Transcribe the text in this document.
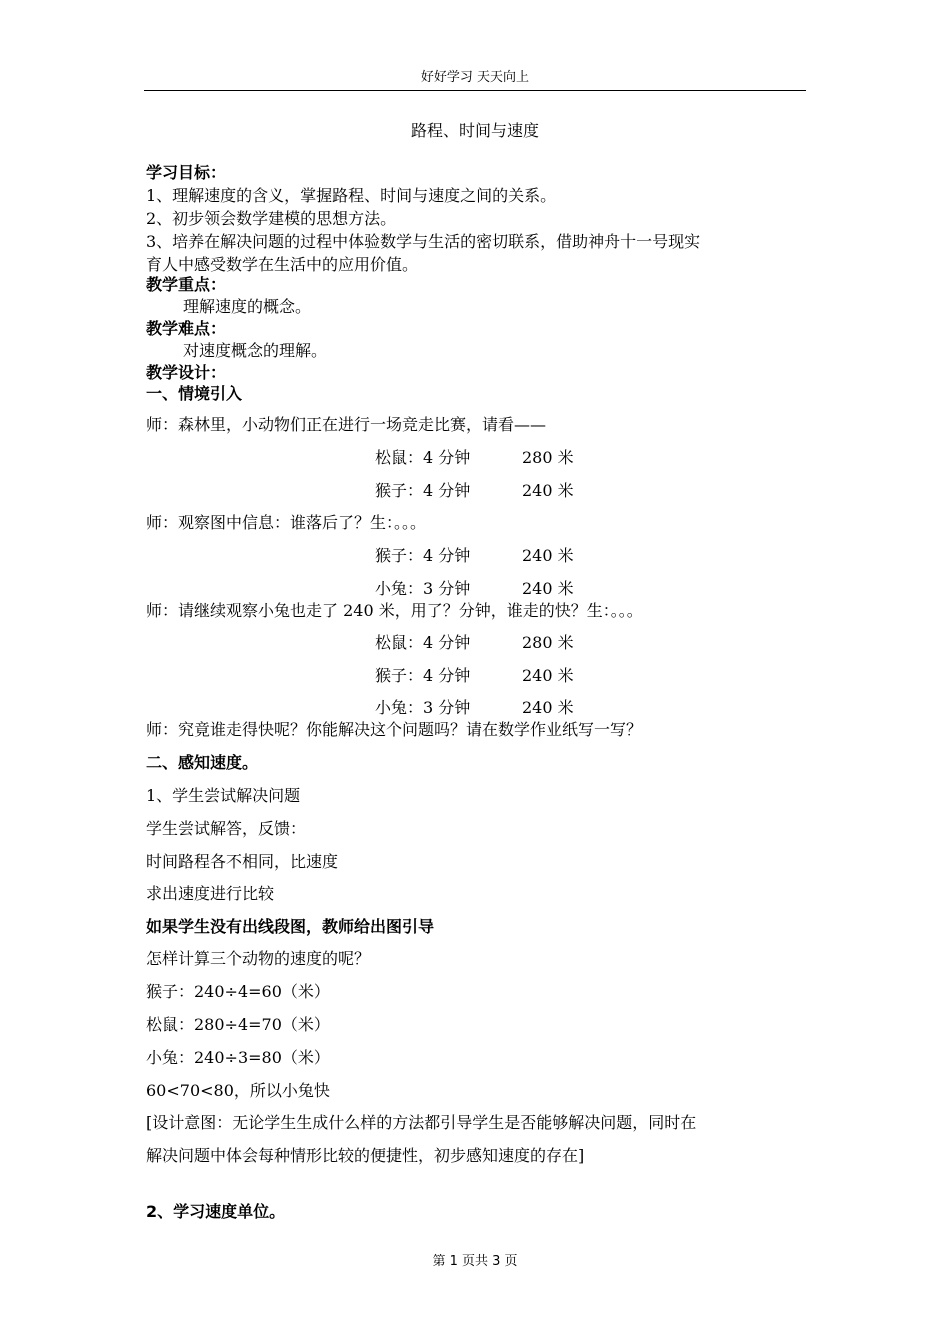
好好学习 天天向上
路程、时间与速度
学习目标：
1、理解速度的含义，掌握路程、时间与速度之间的关系。
2、初步领会数学建模的思想方法。
3、培养在解决问题的过程中体验数学与生活的密切联系，借助神舟十一号现实
育人中感受数学在生活中的应用价值。
教学重点：
理解速度的概念。
教学难点：
对速度概念的理解。
教学设计：
一、情境引入
师：森林里，小动物们正在进行一场竞走比赛，请看——
松鼠：4 分钟	280 米
猴子：4 分钟	240 米
师：观察图中信息：谁落后了？生：。。。
猴子：4 分钟	240 米
小兔：3 分钟	240 米
师：请继续观察小兔也走了 240 米，用了？分钟，谁走的快？生：。。。
松鼠：4 分钟	280 米
猴子：4 分钟	240 米
小兔：3 分钟	240 米
师：究竟谁走得快呢？你能解决这个问题吗？请在数学作业纸写一写？
二、感知速度。
1、学生尝试解决问题
学生尝试解答，反馈：
时间路程各不相同，比速度
求出速度进行比较
如果学生没有出线段图，教师给出图引导
怎样计算三个动物的速度的呢？
猴子：240÷4=60（米）
松鼠：280÷4=70（米）
小兔：240÷3=80（米）
60<70<80，所以小兔快
[设计意图：无论学生生成什么样的方法都引导学生是否能够解决问题，同时在
解决问题中体会每种情形比较的便捷性，初步感知速度的存在]
2、学习速度单位。
第 1 页共 3 页
